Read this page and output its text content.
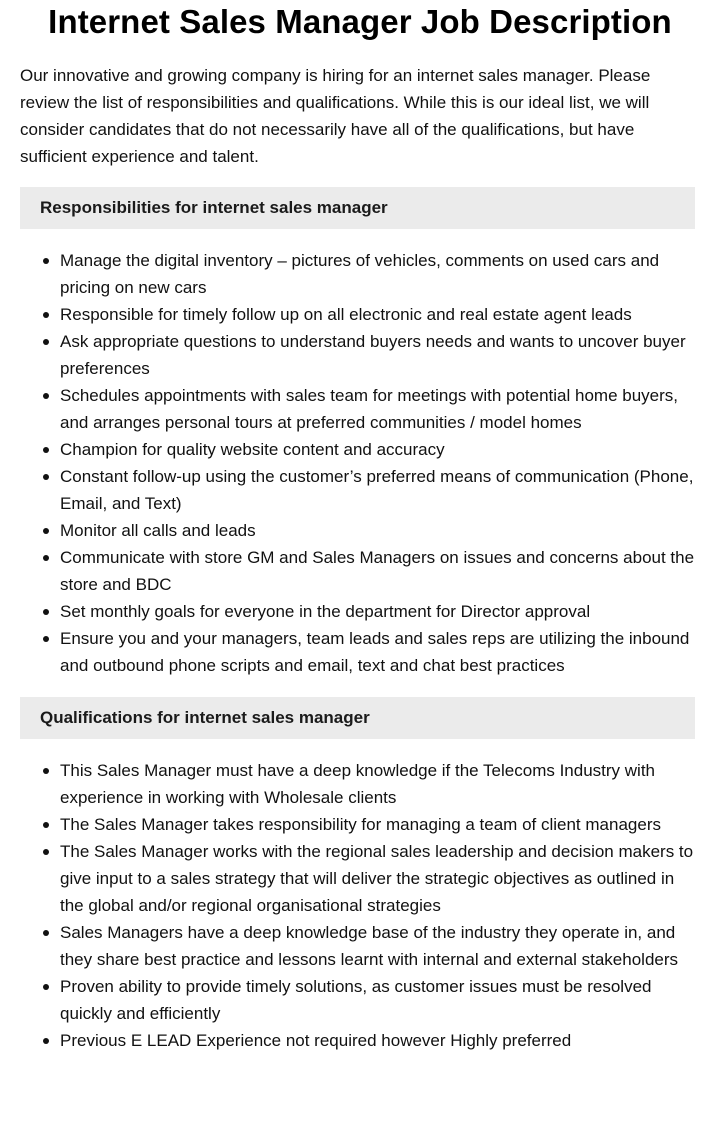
Internet Sales Manager Job Description

Our innovative and growing company is hiring for an internet sales manager. Please review the list of responsibilities and qualifications. While this is our ideal list, we will consider candidates that do not necessarily have all of the qualifications, but have sufficient experience and talent.

Responsibilities for internet sales manager
Manage the digital inventory – pictures of vehicles, comments on used cars and pricing on new cars
Responsible for timely follow up on all electronic and real estate agent leads
Ask appropriate questions to understand buyers needs and wants to uncover buyer preferences
Schedules appointments with sales team for meetings with potential home buyers, and arranges personal tours at preferred communities / model homes
Champion for quality website content and accuracy
Constant follow-up using the customer’s preferred means of communication (Phone, Email, and Text)
Monitor all calls and leads
Communicate with store GM and Sales Managers on issues and concerns about the store and BDC
Set monthly goals for everyone in the department for Director approval
Ensure you and your managers, team leads and sales reps are utilizing the inbound and outbound phone scripts and email, text and chat best practices
Qualifications for internet sales manager
This Sales Manager must have a deep knowledge if the Telecoms Industry with experience in working with Wholesale clients
The Sales Manager takes responsibility for managing a team of client managers
The Sales Manager works with the regional sales leadership and decision makers to give input to a sales strategy that will deliver the strategic objectives as outlined in the global and/or regional organisational strategies
Sales Managers have a deep knowledge base of the industry they operate in, and they share best practice and lessons learnt with internal and external stakeholders
Proven ability to provide timely solutions, as customer issues must be resolved quickly and efficiently
Previous E LEAD Experience not required however Highly preferred
